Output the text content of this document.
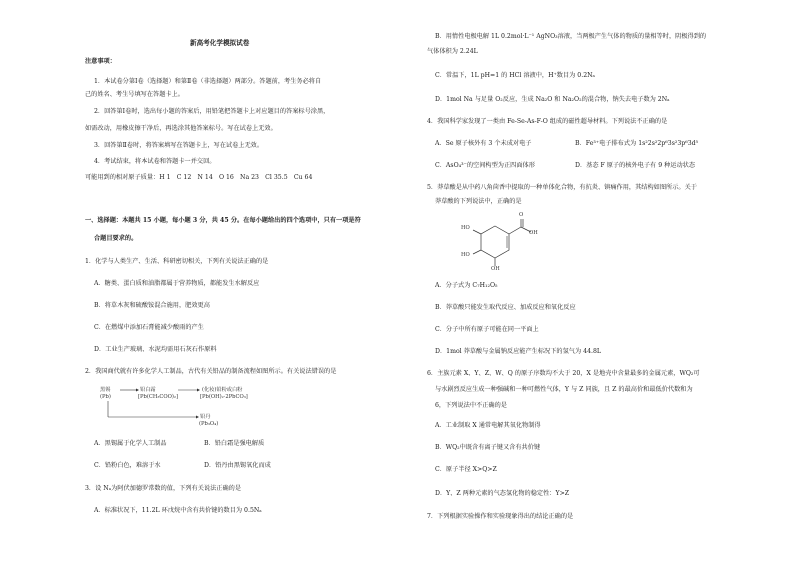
新高考化学模拟试卷
注意事项：
1．本试卷分第Ⅰ卷（选择题）和第Ⅱ卷（非选择题）两部分。答题前，考生务必将自
己的姓名、考生号填写在答题卡上。
2．回答第Ⅰ卷时，选出每小题的答案后，用铅笔把答题卡上对应题目的答案标号涂黑，
如需改动，用橡皮擦干净后，再选涂其他答案标号。写在试卷上无效。
3．回答第Ⅱ卷时，将答案填写在答题卡上，写在试卷上无效。
4．考试结束，将本试卷和答题卡一并交回。
可能用到的相对原子质量：H 1　C 12　N 14　O 16　Na 23　Cl 35.5　Cu 64
一、选择题：本题共 15 小题，每小题 3 分，共 45 分。在每小题给出的四个选项中，只有一项是符
合题目要求的。
1．化学与人类生产、生活、科研密切相关，下列有关说法正确的是
A．糖类、蛋白质和油脂都属于营养物质，都能发生水解反应
B．将草木灰和硫酸铵混合施用，肥效更高
C．在燃煤中添加石膏能减少酸雨的产生
D．工业生产玻璃、水泥均需用石灰石作原料
2．我国商代就有许多化学人工制品，古代有关铅品的制备流程如图所示。有关说法错误的是
黑锡
(Pb)
铅白霜
[Pb(CH₃COO)₂]
(化妆)铅粉或白粉
[Pb(OH)₂·2PbCO₃]
铅丹
(Pb₃O₄)
A．黑锡属于化学人工制品	B．铅白霜是强电解质
C．铅粉白色，难溶于水	D．铅丹由黑锡氧化而成
3．设 Nₐ为阿伏加德罗常数的值，下列有关说法正确的是
A．标准状况下，11.2L 环戊烷中含有共价键的数目为 0.5Nₐ
B．用惰性电极电解 1L 0.2mol·L⁻¹ AgNO₃溶液，当两极产生气体的物质的量相等时，阴极得到的
气体体积为 2.24L
C．常温下，1L pH=1 的 HCl 溶液中，H⁺数目为 0.2Nₐ
D．1mol Na 与足量 O₂反应，生成 Na₂O 和 Na₂O₂的混合物，钠失去电子数为 2Nₐ
4．我国科学家发现了一类由 Fe-Se-As-F-O 组成的磁性超导材料。下列说法不正确的是
A．Se 原子核外有 3 个未成对电子	B．Fe³⁺电子排布式为 1s²2s²2p⁶3s²3p⁶3d⁵
C．AsO₄³⁻的空间构型为正四面体形	D．基态 F 原子的核外电子有 9 种运动状态
5．莽草酸是从中药八角茴香中提取的一种单体化合物，有抗炎、镇痛作用，其结构如图所示。关于
莽草酸的下列说法中，正确的是
HO
HO
OH
O
OH
A．分子式为 C₇H₁₂O₅
B．莽草酸只能发生取代反应、加成反应和氧化反应
C．分子中所有原子可能在同一平面上
D．1mol 莽草酸与金属钠反应能产生标况下的氢气为 44.8L
6．主族元素 X、Y、Z、W、Q 的原子序数均不大于 20，X 是地壳中含量最多的金属元素，WQ₂可
与水剧烈反应生成一种强碱和一种可燃性气体，Y 与 Z 同族，且 Z 的最高价和最低价代数和为
6，下列说法中不正确的是
A．工业制取 X 通常电解其氧化物制得
B．WQ₂中既含有离子键又含有共价键
C．原子半径 X>Q>Z
D．Y、Z 两种元素的气态氢化物的稳定性：Y>Z
7．下列根据实验操作和实验现象得出的结论正确的是
